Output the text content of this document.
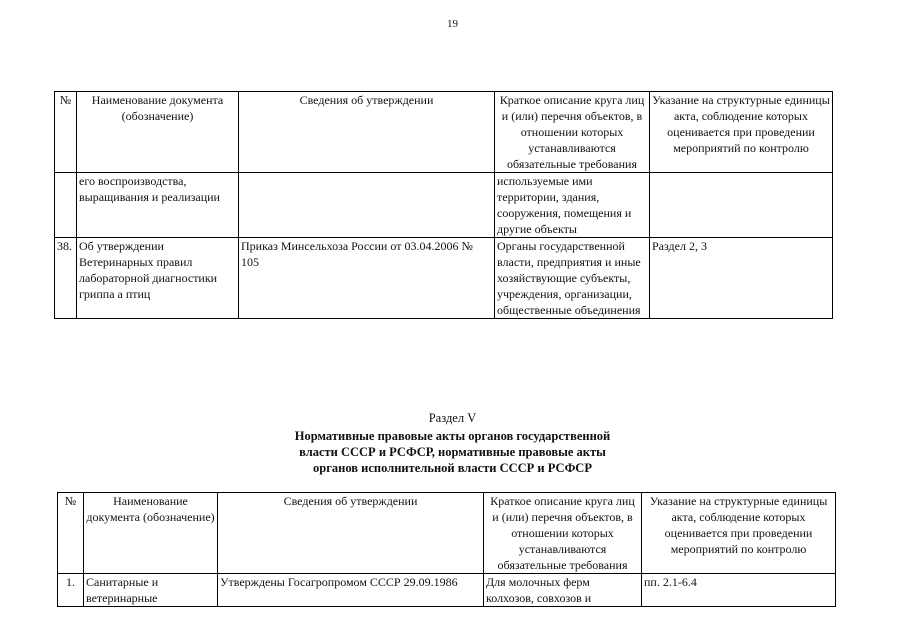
19
№	Наименование документа (обозначение)	Сведения об утверждении	Краткое описание круга лиц и (или) перечня объектов, в отношении которых устанавливаются обязательные требования	Указание на структурные единицы акта, соблюдение которых оценивается при проведении мероприятий по контролю
	его воспроизводства, выращивания и реализации		используемые ими территории, здания, сооружения, помещения и другие объекты	
38.	Об утверждении Ветеринарных правил лабораторной диагностики гриппа а птиц	Приказ Минсельхоза России от 03.04.2006 № 105	Органы государственной власти, предприятия и иные хозяйствующие субъекты, учреждения, организации, общественные объединения	Раздел 2, 3
Раздел V
Нормативные правовые акты органов государственной
власти СССР и РСФСР, нормативные правовые акты
органов исполнительной власти СССР и РСФСР
№	Наименование документа (обозначение)	Сведения об утверждении	Краткое описание круга лиц и (или) перечня объектов, в отношении которых устанавливаются обязательные требования	Указание на структурные единицы акта, соблюдение которых оценивается при проведении мероприятий по контролю
1.	Санитарные и ветеринарные	Утверждены Госагропромом СССР 29.09.1986	Для молочных ферм колхозов, совхозов и	пп. 2.1-6.4
